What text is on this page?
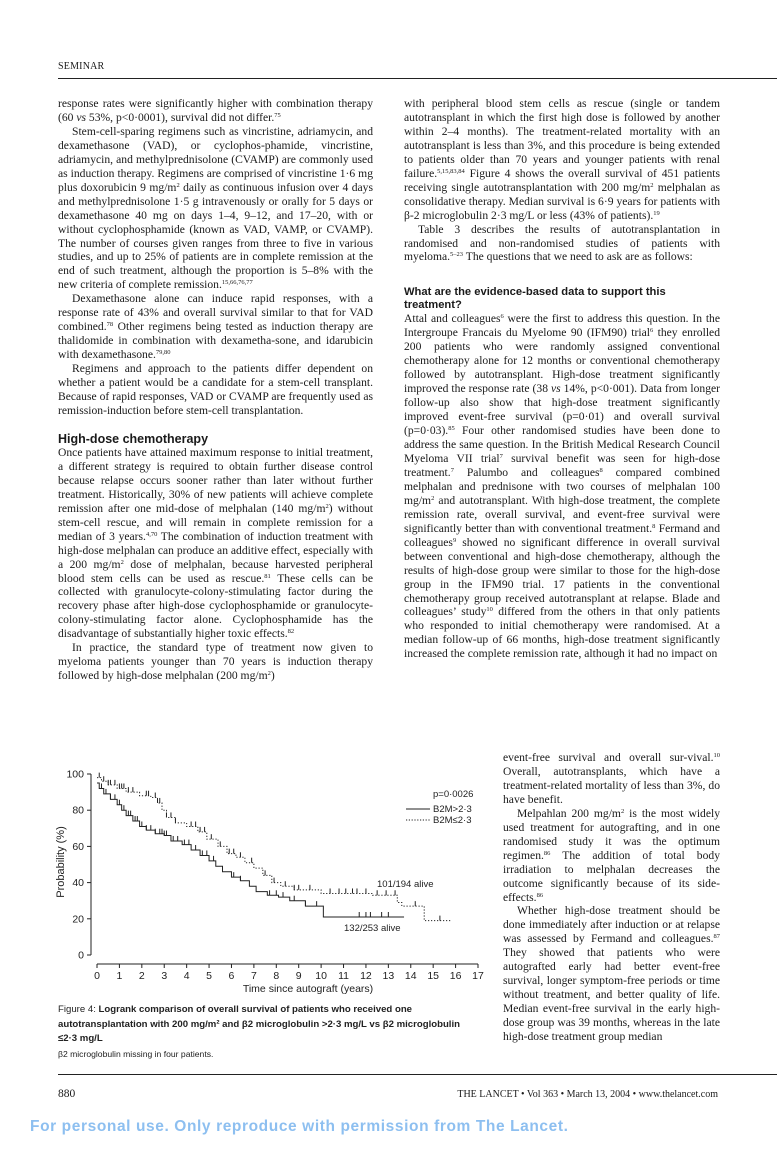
SEMINAR

response rates were significantly higher with combination therapy (60 vs 53%, p<0·0001), survival did not differ.$^{75}$

Stem-cell-sparing regimens such as vincristine, adriamycin, and dexamethasone (VAD), or cyclophos-phamide, vincristine, adriamycin, and methylprednisolone (CVAMP) are commonly used as induction therapy. Regimens are comprised of vincristine 1·6 mg plus doxorubicin 9 $mg/m^2$ daily as continuous infusion over 4 days and methylprednisolone 1·5 g intravenously or orally for 5 days or dexamethasone 40 mg on days 1–4, 9–12, and 17–20, with or without cyclophosphamide (known as VAD, VAMP, or CVAMP). The number of courses given ranges from three to five in various studies, and up to 25% of patients are in complete remission at the end of such treatment, although the proportion is 5–8% with the new criteria of complete remission.$^{15,66,76,77}$

Dexamethasone alone can induce rapid responses, with a response rate of 43% and overall survival similar to that for VAD combined.$^{78}$ Other regimens being tested as induction therapy are thalidomide in combination with dexametha-sone, and idarubicin with dexamethasone.$^{79,80}$

Regimens and approach to the patients differ dependent on whether a patient would be a candidate for a stem-cell transplant. Because of rapid responses, VAD or CVAMP are frequently used as remission-induction before stem-cell transplantation.

High-dose chemotherapy

Once patients have attained maximum response to initial treatment, a different strategy is required to obtain further disease control because relapse occurs sooner rather than later without further treatment. Historically, 30% of new patients will achieve complete remission after one mid-dose of melphalan (140 $mg/m^2$) without stem-cell rescue, and will remain in complete remission for a median of 3 years.$^{4,70}$ The combination of induction treatment with high-dose melphalan can produce an additive effect, especially with a 200 $mg/m^2$ dose of melphalan, because harvested peripheral blood stem cells can be used as rescue.$^{81}$ These cells can be collected with granulocyte-colony-stimulating factor during the recovery phase after high-dose cyclophosphamide or granulocyte-colony-stimulating factor alone. Cyclophosphamide has the disadvantage of substantially higher toxic effects.$^{82}$

In practice, the standard type of treatment now given to myeloma patients younger than 70 years is induction therapy followed by high-dose melphalan (200 $mg/m^2$)

with peripheral blood stem cells as rescue (single or tandem autotransplant in which the first high dose is followed by another within 2–4 months). The treatment-related mortality with an autotransplant is less than 3%, and this procedure is being extended to patients older than 70 years and younger patients with renal failure.$^{5,15,83,84}$ Figure 4 shows the overall survival of 451 patients receiving single autotransplantation with 200 $mg/m^2$ melphalan as consolidative therapy. Median survival is 6·9 years for patients with β-2 microglobulin 2·3 mg/L or less (43% of patients).$^{19}$

Table 3 describes the results of autotransplantation in randomised and non-randomised studies of patients with myeloma.$^{5-23}$ The questions that we need to ask are as follows:

What are the evidence-based data to support this treatment?

Attal and colleagues$^6$ were the first to address this question. In the Intergroupe Francais du Myelome 90 (IFM90) trial$^6$ they enrolled 200 patients who were randomly assigned conventional chemotherapy alone for 12 months or conventional chemotherapy followed by autotransplant. High-dose treatment significantly improved the response rate (38 vs 14%, p<0·001). Data from longer follow-up also show that high-dose treatment significantly improved event-free survival (p=0·01) and overall survival (p=0·03).$^{85}$ Four other randomised studies have been done to address the same question. In the British Medical Research Council Myeloma VII trial$^7$ survival benefit was seen for high-dose treatment.$^7$ Palumbo and colleagues$^8$ compared combined melphalan and prednisone with two courses of melphalan 100 $mg/m^2$ and autotransplant. With high-dose treatment, the complete remission rate, overall survival, and event-free survival were significantly better than with conventional treatment.$^8$ Fermand and colleagues$^9$ showed no significant difference in overall survival between conventional and high-dose chemotherapy, although the results of high-dose group were similar to those for the high-dose group in the IFM90 trial. 17 patients in the conventional chemotherapy group received autotransplant at relapse. Blade and colleagues’ study$^{10}$ differed from the others in that only patients who responded to initial chemotherapy were randomised. At a median follow-up of 66 months, high-dose treatment significantly increased the complete remission rate, although it had no impact on

event-free survival and overall sur-vival.$^{10}$ Overall, autotransplants, which have a treatment-related mortality of less than 3%, do have benefit.

Melpahlan 200 $mg/m^2$ is the most widely used treatment for autografting, and in one randomised study it was the optimum regimen.$^{86}$ The addition of total body irradiation to melphalan decreases the outcome significantly because of its side-effects.$^{86}$

Whether high-dose treatment should be done immediately after induction or at relapse was assessed by Fermand and colleagues.$^{87}$ They showed that patients who were autografted early had better event-free survival, longer symptom-free periods or time without treatment, and better quality of life. Median event-free survival in the early high-dose group was 39 months, whereas in the late high-dose treatment group median

0
20
40
60
80
100
0 1 2 3 4 5 6 7 8 9 10 11 12 13 14 15 16 17
Probability (%)
Time since autograft (years)
p=0·0026
B2M>2·3
B2M≤2·3
101/194 alive
132/253 alive
Figure 4: Logrank comparison of overall survival of patients who received one autotransplantation with 200 mg/m² and β2 microglobulin >2·3 mg/L vs β2 microglobulin ≤2·3 mg/L
β2 microglobulin missing in four patients.
880	THE LANCET • Vol 363 • March 13, 2004 • www.thelancet.com
For personal use. Only reproduce with permission from The Lancet.
